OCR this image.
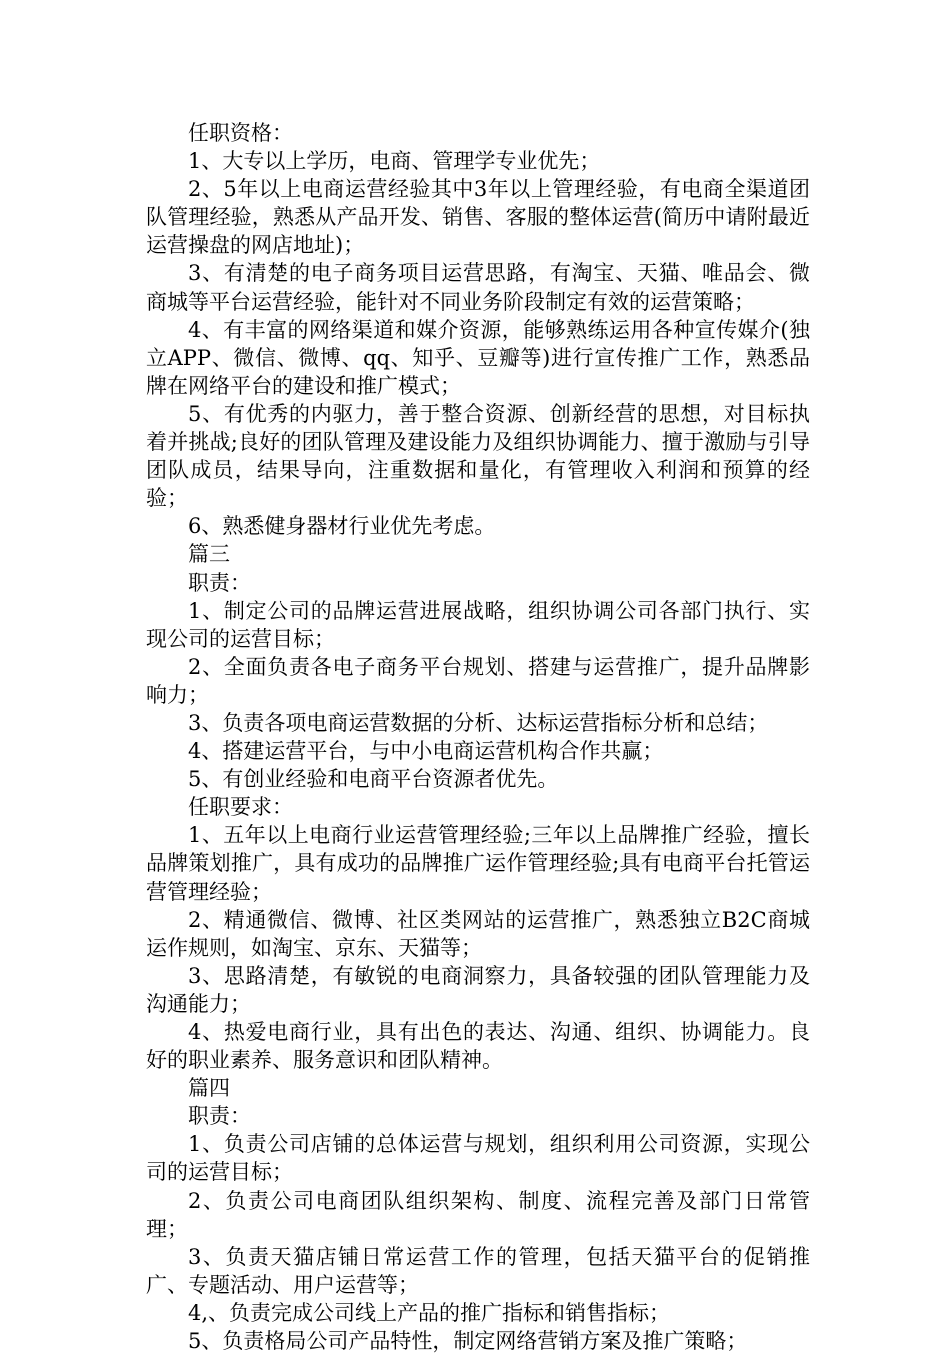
任职资格：

1、大专以上学历，电商、管理学专业优先；

2、5年以上电商运营经验其中3年以上管理经验，有电商全渠道团队管理经验，熟悉从产品开发、销售、客服的整体运营(简历中请附最近运营操盘的网店地址)；

3、有清楚的电子商务项目运营思路，有淘宝、天猫、唯品会、微商城等平台运营经验，能针对不同业务阶段制定有效的运营策略；

4、有丰富的网络渠道和媒介资源，能够熟练运用各种宣传媒介(独立APP、微信、微博、qq、知乎、豆瓣等)进行宣传推广工作，熟悉品牌在网络平台的建设和推广模式；

5、有优秀的内驱力，善于整合资源、创新经营的思想，对目标执着并挑战;良好的团队管理及建设能力及组织协调能力、擅于激励与引导团队成员，结果导向，注重数据和量化，有管理收入利润和预算的经验；

6、熟悉健身器材行业优先考虑。

篇三

职责：

1、制定公司的品牌运营进展战略，组织协调公司各部门执行、实现公司的运营目标；

2、全面负责各电子商务平台规划、搭建与运营推广，提升品牌影响力；

3、负责各项电商运营数据的分析、达标运营指标分析和总结；

4、搭建运营平台，与中小电商运营机构合作共赢；

5、有创业经验和电商平台资源者优先。

任职要求：

1、五年以上电商行业运营管理经验;三年以上品牌推广经验，擅长品牌策划推广，具有成功的品牌推广运作管理经验;具有电商平台托管运营管理经验；

2、精通微信、微博、社区类网站的运营推广，熟悉独立B2C商城运作规则，如淘宝、京东、天猫等；

3、思路清楚，有敏锐的电商洞察力，具备较强的团队管理能力及沟通能力；

4、热爱电商行业，具有出色的表达、沟通、组织、协调能力。良好的职业素养、服务意识和团队精神。

篇四

职责：

1、负责公司店铺的总体运营与规划，组织利用公司资源，实现公司的运营目标；

2、负责公司电商团队组织架构、制度、流程完善及部门日常管理；

3、负责天猫店铺日常运营工作的管理，包括天猫平台的促销推广、专题活动、用户运营等；

4,、负责完成公司线上产品的推广指标和销售指标；

5、负责格局公司产品特性，制定网络营销方案及推广策略；
